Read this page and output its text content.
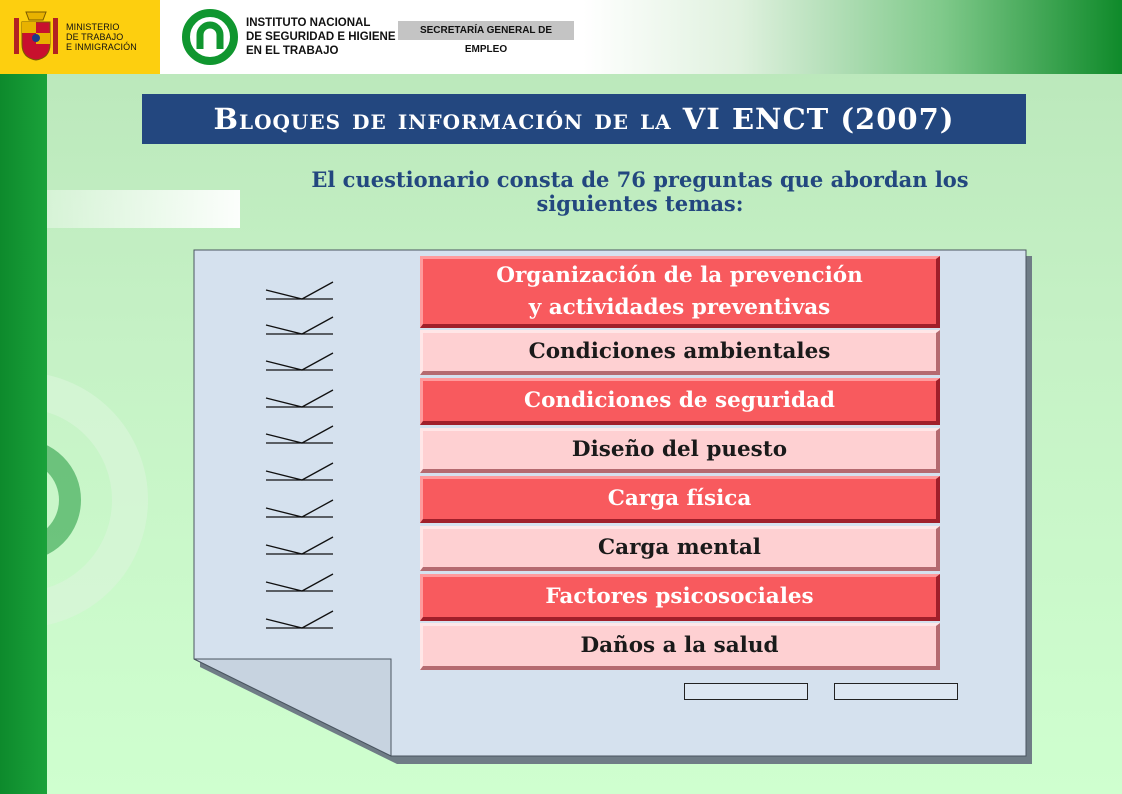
MINISTERIO
DE TRABAJO
E INMIGRACIÓN
INSTITUTO NACIONAL
DE SEGURIDAD E HIGIENE
EN EL TRABAJO
SECRETARÍA GENERAL DE EMPLEO
Bloques de información de la VI ENCT (2007)
El cuestionario consta de 76 preguntas que abordan los
siguientes temas:
Organización de la prevención
y actividades preventivas
Condiciones ambientales
Condiciones de seguridad
Diseño del puesto
Carga física
Carga mental
Factores psicosociales
Daños a la salud
